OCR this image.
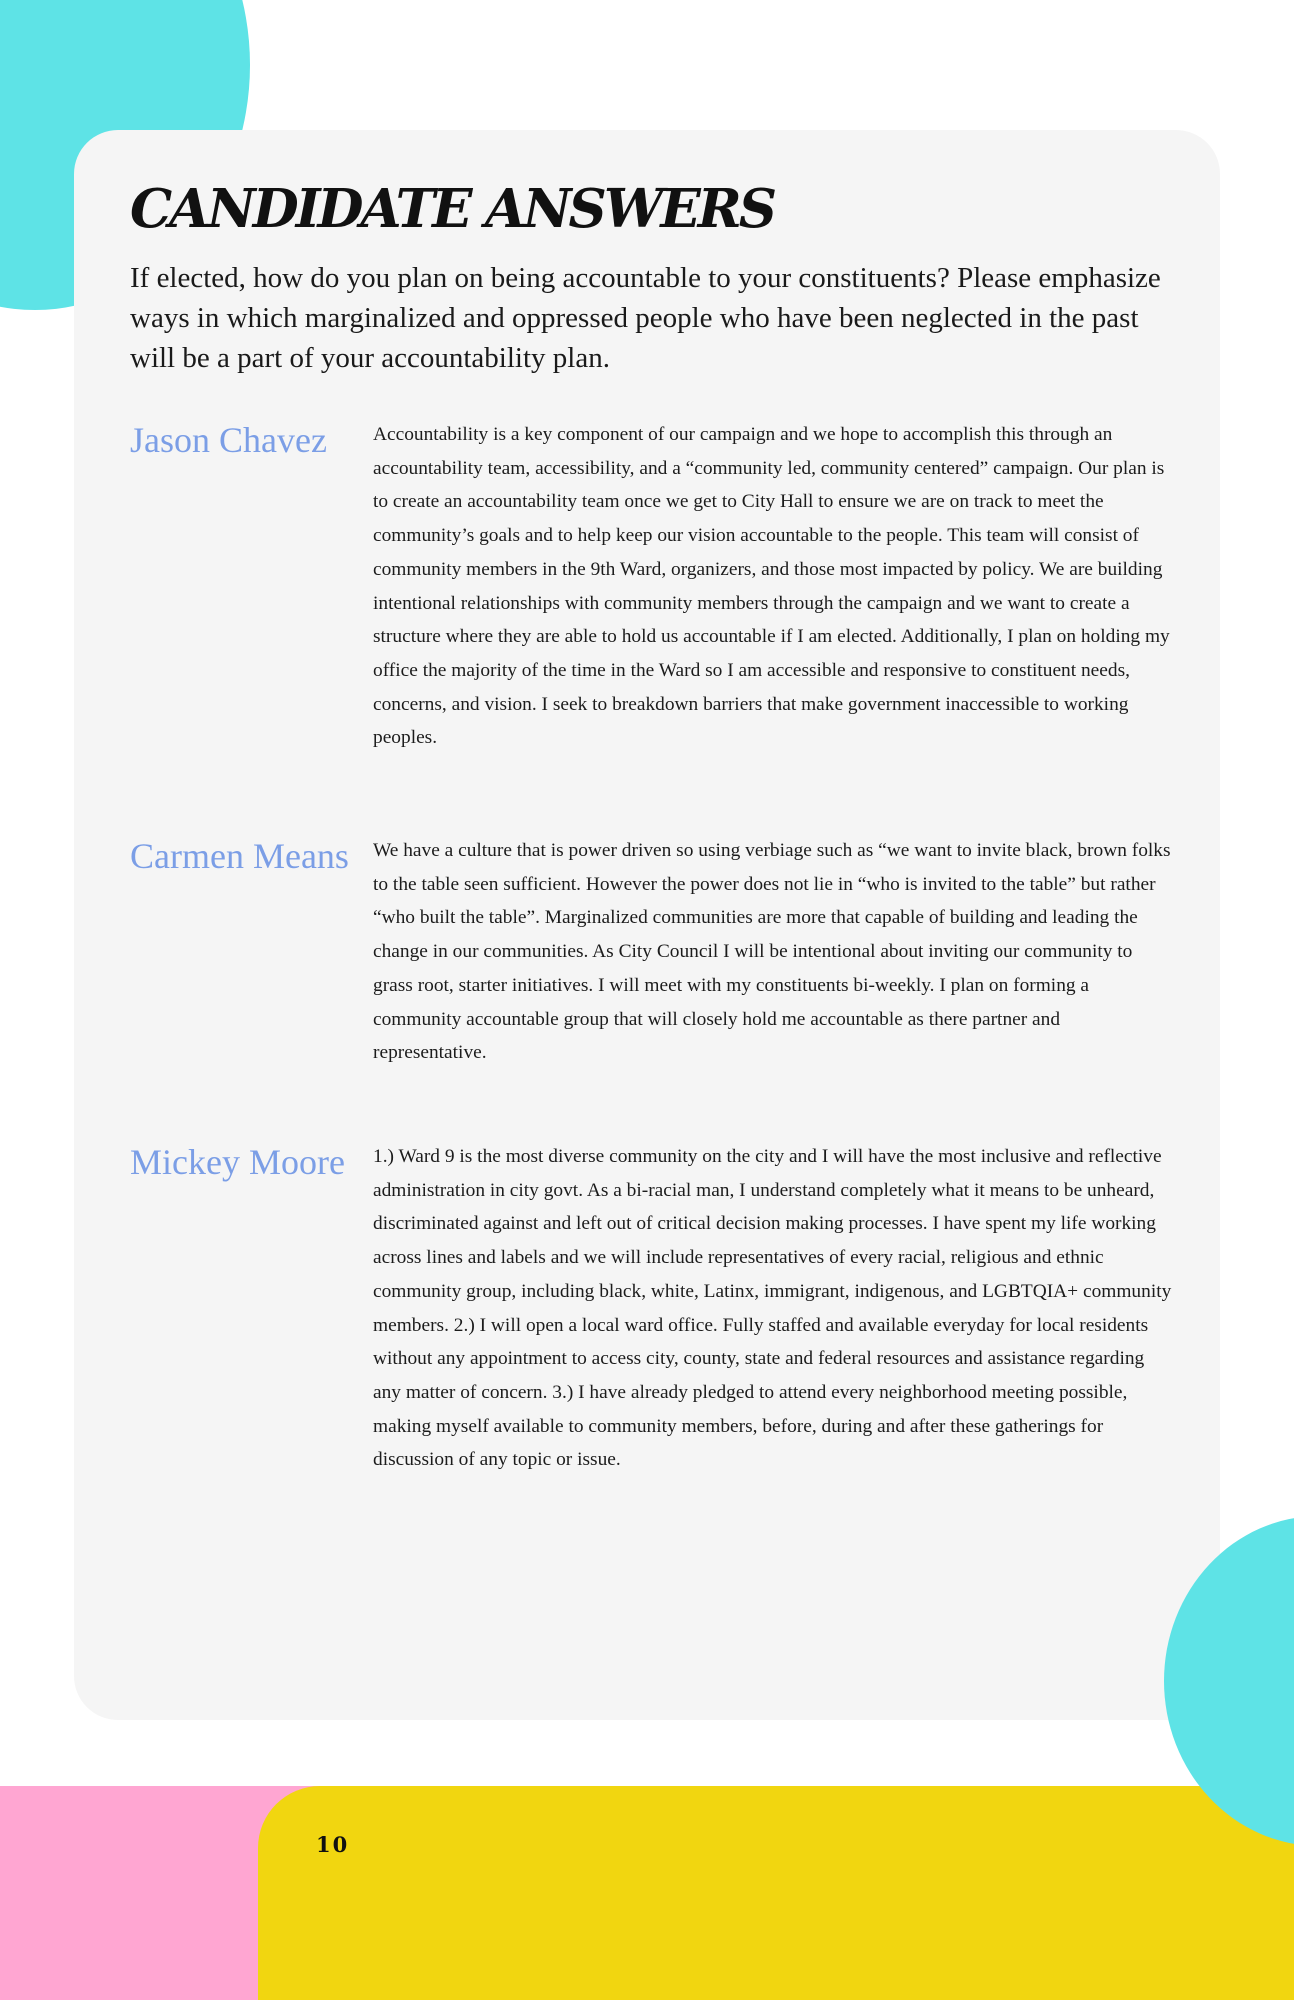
CANDIDATE ANSWERS

If elected, how do you plan on being accountable to your constituents? Please emphasize ways in which marginalized and oppressed people who have been neglected in the past will be a part of your accountability plan.

Jason Chavez	Accountability is a key component of our campaign and we hope to accomplish this through an accountability team, accessibility, and a “community led, community centered” campaign. Our plan is to create an accountability team once we get to City Hall to ensure we are on track to meet the community’s goals and to help keep our vision accountable to the people. This team will consist of community members in the 9th Ward, organizers, and those most impacted by policy. We are building intentional relationships with community members through the campaign and we want to create a structure where they are able to hold us accountable if I am elected. Additionally, I plan on holding my office the majority of the time in the Ward so I am accessible and responsive to constituent needs, concerns, and vision. I seek to breakdown barriers that make government inaccessible to working peoples.

Carmen Means We have a culture that is power driven so using verbiage such as “we want to invite black, brown folks to the table seen sufficient. However the power does not lie in “who is invited to the table” but rather “who built the table”. Marginalized communities are more that capable of building and leading the change in our communities. As City Council I will be intentional about inviting our community to grass root, starter initiatives. I will meet with my constituents bi-weekly. I plan on forming a community accountable group that will closely hold me accountable as there partner and representative.

Mickey Moore 1.) Ward 9 is the most diverse community on the city and I will have the most inclusive and reflective administration in city govt. As a bi-racial man, I understand completely what it means to be unheard, discriminated against and left out of critical decision making processes. I have spent my life working across lines and labels and we will include representatives of every racial, religious and ethnic community group, including black, white, Latinx, immigrant, indigenous, and LGBTQIA+ community members. 2.) I will open a local ward office. Fully staffed and available everyday for local residents without any appointment to access city, county, state and federal resources and assistance regarding any matter of concern. 3.) I have already pledged to attend every neighborhood meeting possible, making myself available to community members, before, during and after these gatherings for discussion of any topic or issue.

10
